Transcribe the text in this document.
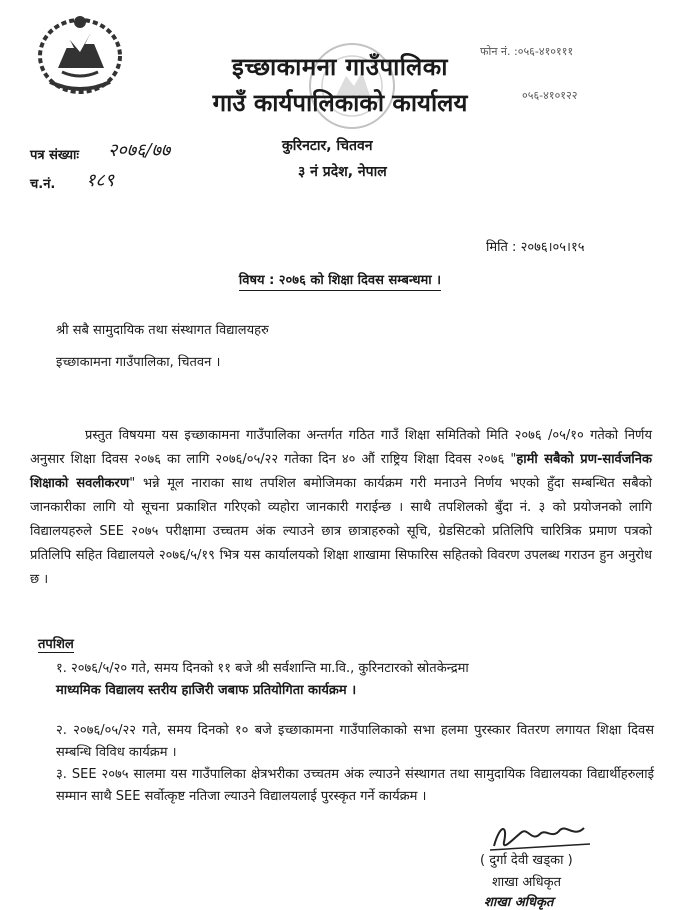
इच्छाकामना गाउँपालिका
गाउँ कार्यपालिकाको कार्यालय
फोन नं. :०५६-४१०१११
०५६-४१०१२२
कुरिनटार, चितवन
३ नं प्रदेश, नेपाल
पत्र संख्याः २०७६/७७
च.नं. १८९
मिति : २०७६।०५।१५
विषय : २०७६ को शिक्षा दिवस सम्बन्धमा ।
श्री सबै सामुदायिक तथा संस्थागत विद्यालयहरु
इच्छाकामना गाउँपालिका, चितवन ।

प्रस्तुत विषयमा यस इच्छाकामना गाउँपालिका अन्तर्गत गठित गाउँ शिक्षा समितिको मिति २०७६ /०५/१० गतेको निर्णय अनुसार शिक्षा दिवस २०७६ का लागि २०७६/०५/२२ गतेका दिन ४० औं राष्ट्रिय शिक्षा दिवस २०७६ "हामी सबैको प्रण-सार्वजनिक शिक्षाको सवलीकरण" भन्ने मूल नाराका साथ तपशिल बमोजिमका कार्यक्रम गरी मनाउने निर्णय भएको हुँदा सम्बन्धित सबैको जानकारीका लागि यो सूचना प्रकाशित गरिएको व्यहोरा जानकारी गराईन्छ । साथै तपशिलको बुँदा नं. ३ को प्रयोजनको लागि विद्यालयहरुले SEE २०७५ परीक्षामा उच्चतम अंक ल्याउने छात्र छात्राहरुको सूचि, ग्रेडसिटको प्रतिलिपि चारित्रिक प्रमाण पत्रको प्रतिलिपि सहित विद्यालयले २०७६/५/१९ भित्र यस कार्यालयको शिक्षा शाखामा सिफारिस सहितको विवरण उपलब्ध गराउन हुन अनुरोध छ ।

तपशिल
१. २०७६/५/२० गते, समय दिनको ११ बजे श्री सर्वशान्ति मा.वि., कुरिनटारको स्रोतकेन्द्रमा
माध्यमिक विद्यालय स्तरीय हाजिरी जबाफ प्रतियोगिता कार्यक्रम ।
२. २०७६/०५/२२ गते, समय दिनको १० बजे इच्छाकामना गाउँपालिकाको सभा हलमा पुरस्कार वितरण लगायत शिक्षा दिवस सम्बन्धि विविध कार्यक्रम ।
३. SEE २०७५ सालमा यस गाउँपालिका क्षेत्रभरीका उच्चतम अंक ल्याउने संस्थागत तथा सामुदायिक विद्यालयका विद्यार्थीहरुलाई सम्मान साथै SEE सर्वोत्कृष्ट नतिजा ल्याउने विद्यालयलाई पुरस्कृत गर्ने कार्यक्रम ।
( दुर्गा देवी खड्का )
शाखा अधिकृत
शाखा अधिकृत
